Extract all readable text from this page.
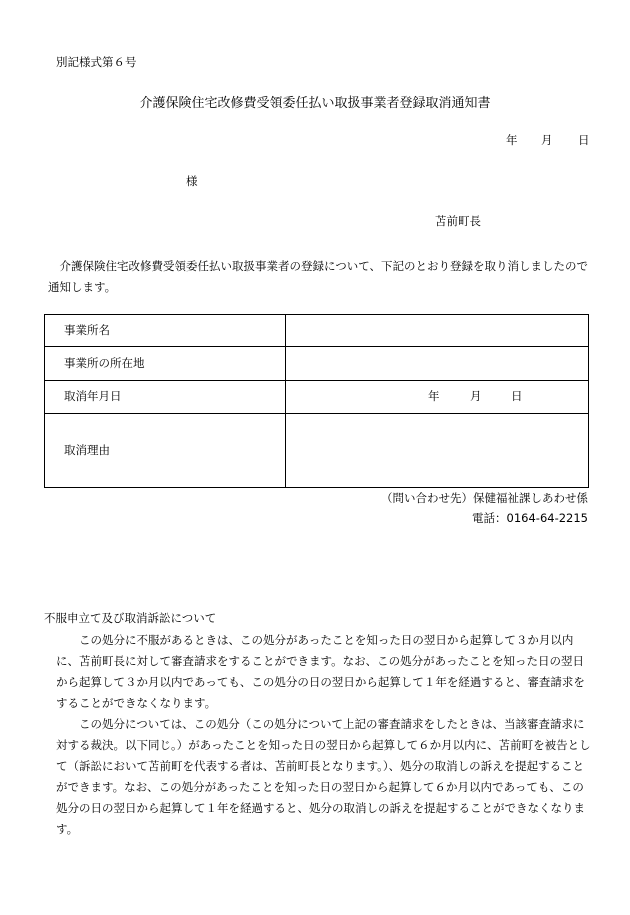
別記様式第６号
介護保険住宅改修費受領委任払い取扱事業者登録取消通知書
年 月 日
様
苫前町長
介護保険住宅改修費受領委任払い取扱事業者の登録について、下記のとおり登録を取り消しましたので通知します。
事業所名	
事業所の所在地	
取消年月日	年 月 日

取消理由	
（問い合わせ先）保健福祉課しあわせ係
電話：0164-64-2215
不服申立て及び取消訴訟について
この処分に不服があるときは、この処分があったことを知った日の翌日から起算して３か月以内に、苫前町長に対して審査請求をすることができます。なお、この処分があったことを知った日の翌日から起算して３か月以内であっても、この処分の日の翌日から起算して１年を経過すると、審査請求をすることができなくなります。
この処分については、この処分（この処分について上記の審査請求をしたときは、当該審査請求に対する裁決。以下同じ。）があったことを知った日の翌日から起算して６か月以内に、苫前町を被告として（訴訟において苫前町を代表する者は、苫前町長となります。）、処分の取消しの訴えを提起することができます。なお、この処分があったことを知った日の翌日から起算して６か月以内であっても、この処分の日の翌日から起算して１年を経過すると、処分の取消しの訴えを提起することができなくなります。
